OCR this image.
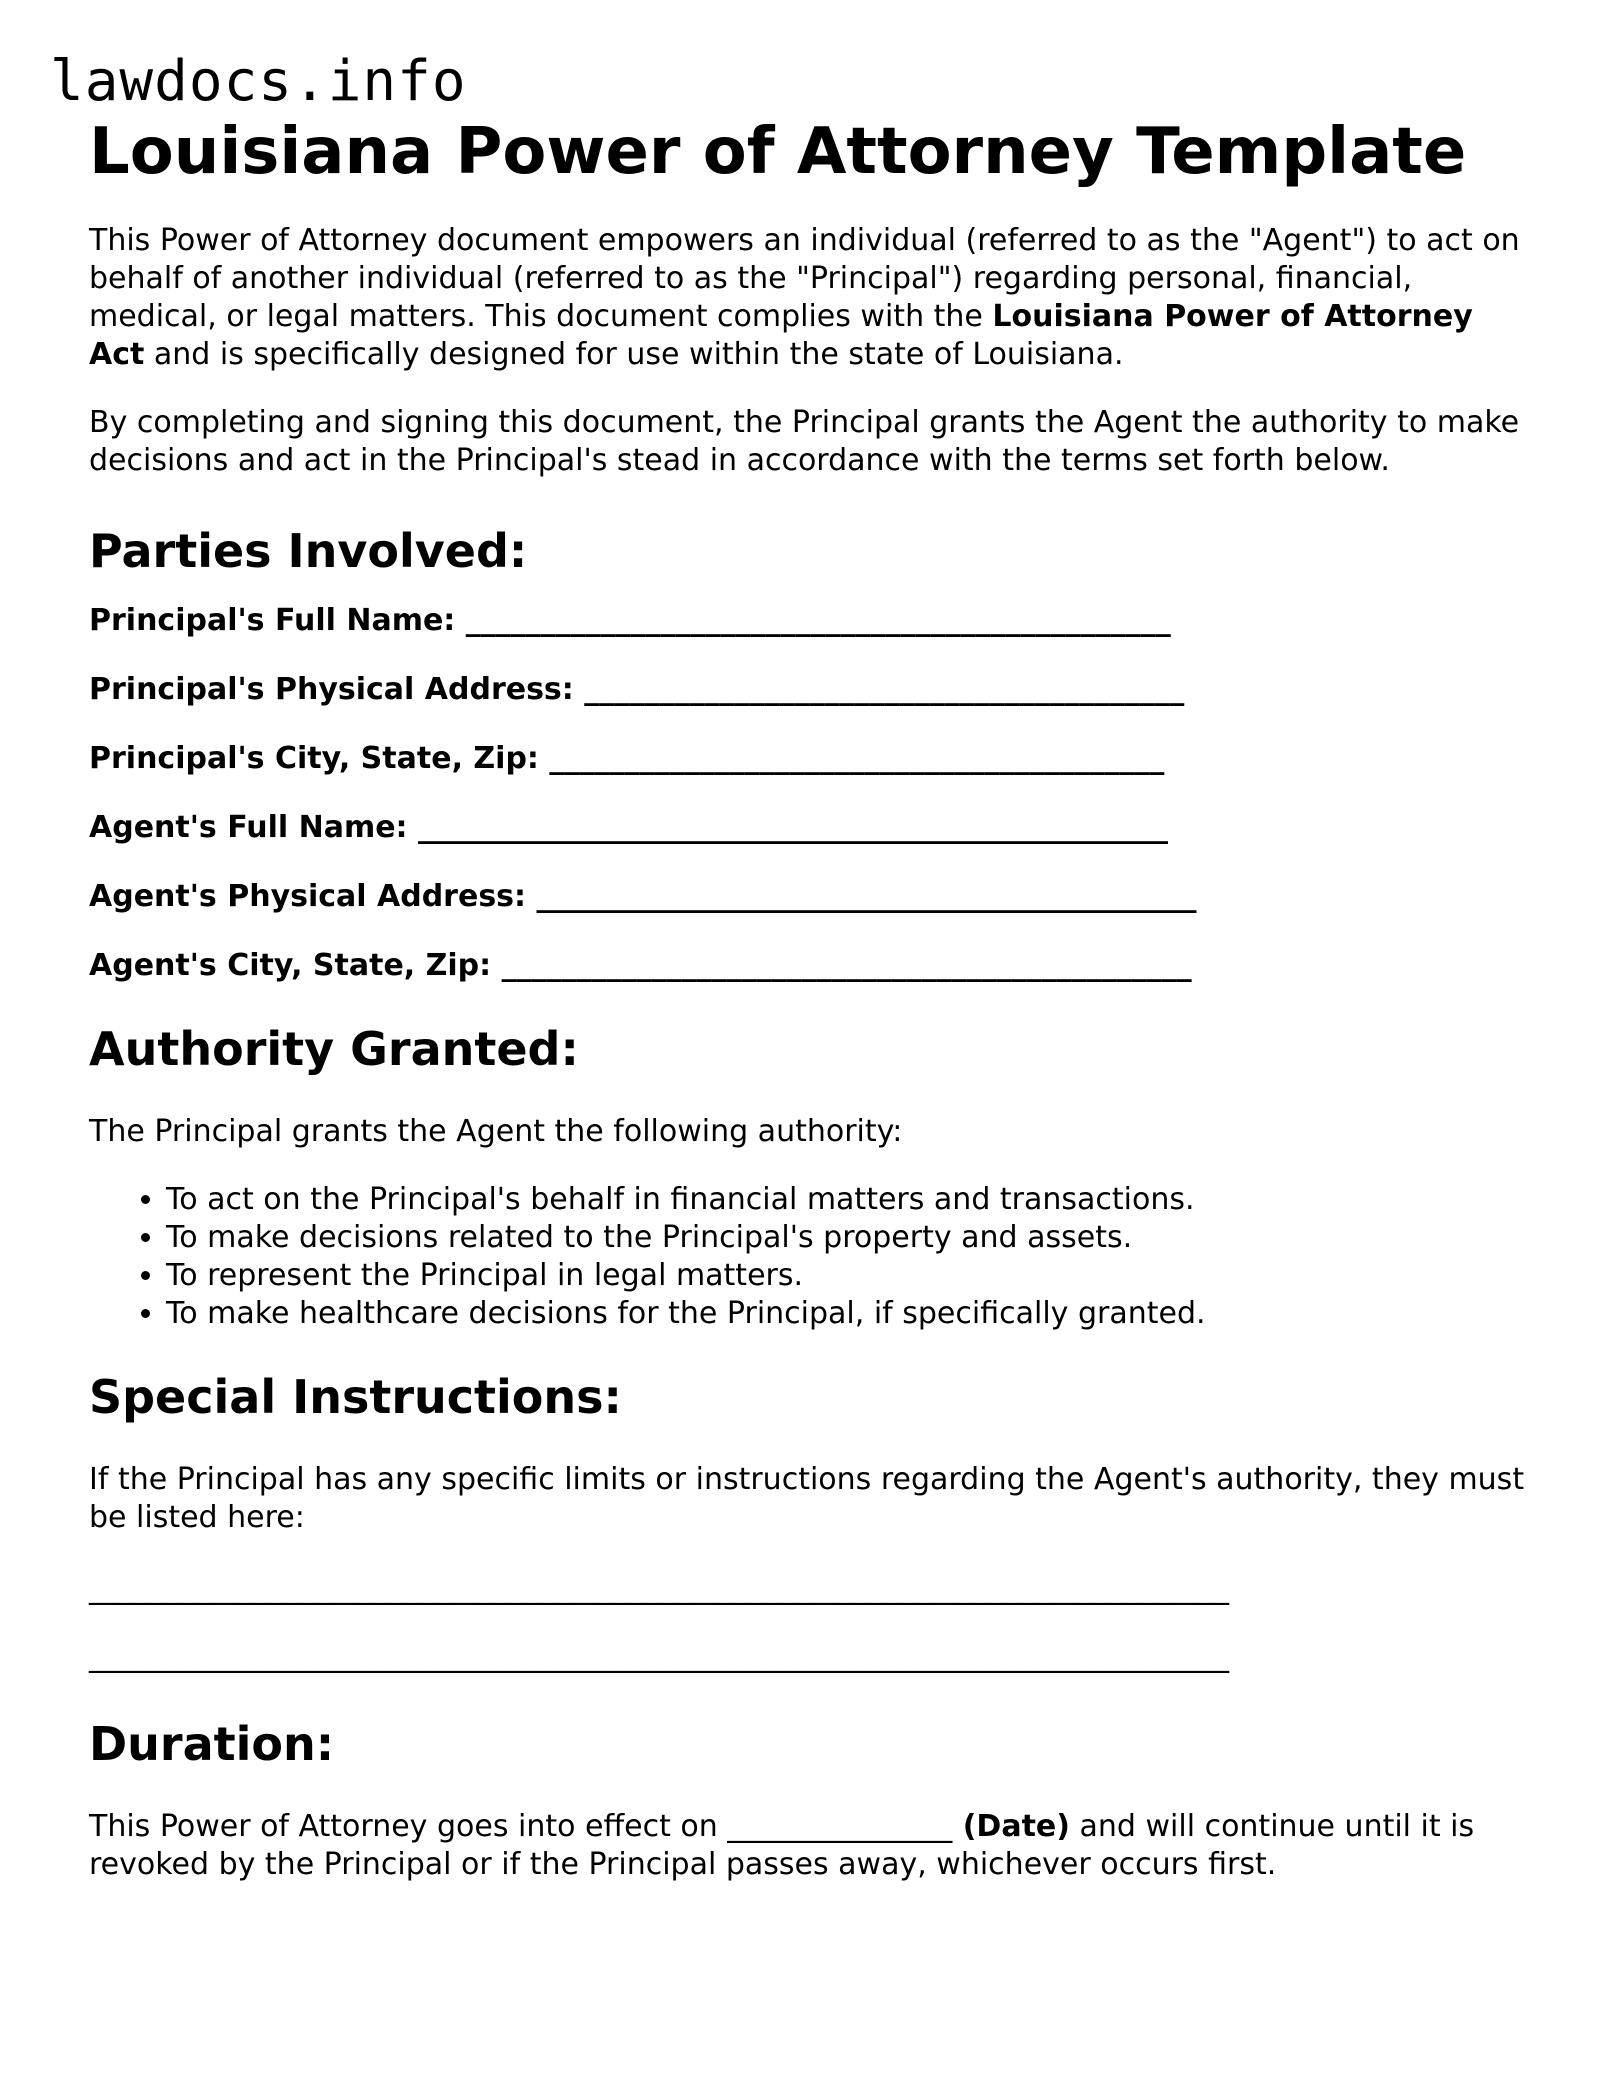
lawdocs.info
Louisiana Power of Attorney Template

This Power of Attorney document empowers an individual (referred to as the "Agent") to act on behalf of another individual (referred to as the "Principal") regarding personal, financial, medical, or legal matters. This document complies with the Louisiana Power of Attorney Act and is specifically designed for use within the state of Louisiana.

By completing and signing this document, the Principal grants the Agent the authority to make decisions and act in the Principal's stead in accordance with the terms set forth below.

Parties Involved:
Principal's Full Name: _______________________________________________
Principal's Physical Address: ________________________________________
Principal's City, State, Zip: _________________________________________
Agent's Full Name: __________________________________________________
Agent's Physical Address: ____________________________________________
Agent's City, State, Zip: ______________________________________________
Authority Granted:

The Principal grants the Agent the following authority:

• To act on the Principal's behalf in financial matters and transactions.
• To make decisions related to the Principal's property and assets.
• To represent the Principal in legal matters.
• To make healthcare decisions for the Principal, if specifically granted.
Special Instructions:

If the Principal has any specific limits or instructions regarding the Agent's authority, they must be listed here:

____________________________________________________________________________
____________________________________________________________________________
Duration:

This Power of Attorney goes into effect on _______________ (Date) and will continue until it is revoked by the Principal or if the Principal passes away, whichever occurs first.
